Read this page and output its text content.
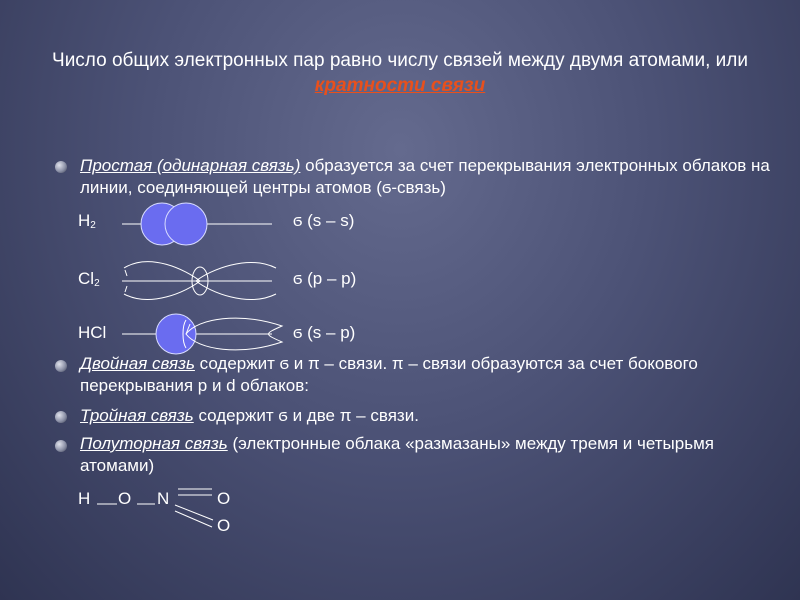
Число общих электронных пар равно числу связей между двумя атомами, или кратности связи
Простая (одинарная связь) образуется за счет перекрывания электронных облаков на линии, соединяющей центры атомов (ϭ-связь)
$H_2$	ϭ (s – s)
$Cl_2$	ϭ (p – p)
HCl	ϭ (s – p)
Двойная связь содержит ϭ и π – связи. π – связи образуются за счет бокового перекрывания p и d облаков:
Тройная связь содержит ϭ и две π – связи.
Полуторная связь (электронные облака «размазаны» между тремя и четырьмя атомами)
H O N	O
O
